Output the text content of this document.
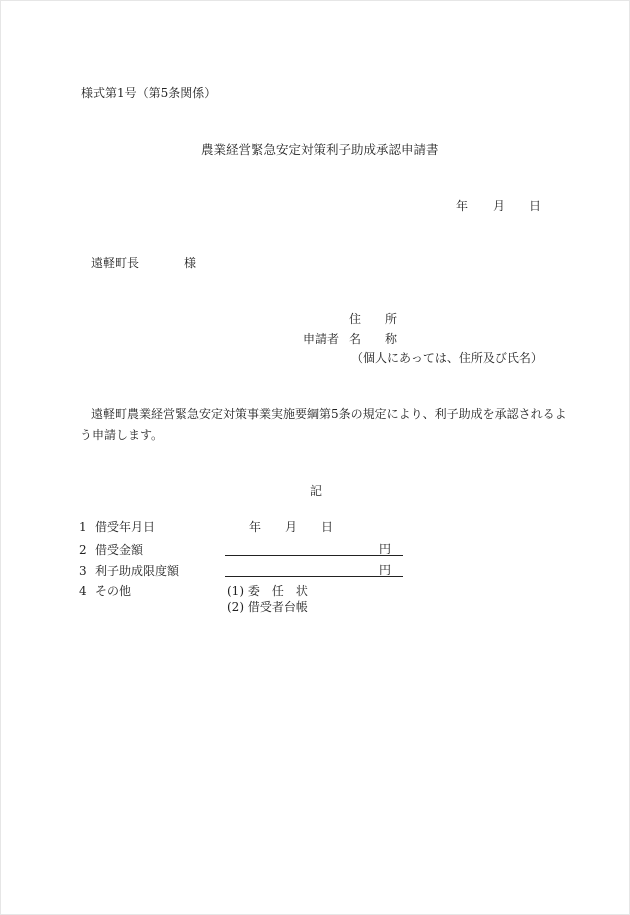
様式第1号（第5条関係）
農業経営緊急安定対策利子助成承認申請書
年 月 日
遠軽町長	様
住　　所
申請者 名　　称
（個人にあっては、住所及び氏名）
遠軽町農業経営緊急安定対策事業実施要綱第5条の規定により、利子助成を承認されるよ
う申請します。
記
1 借受年月日	年 月 日
2 借受金額	円
3 利子助成限度額	円
4 その他	(1) 委　任　状
(2) 借受者台帳
